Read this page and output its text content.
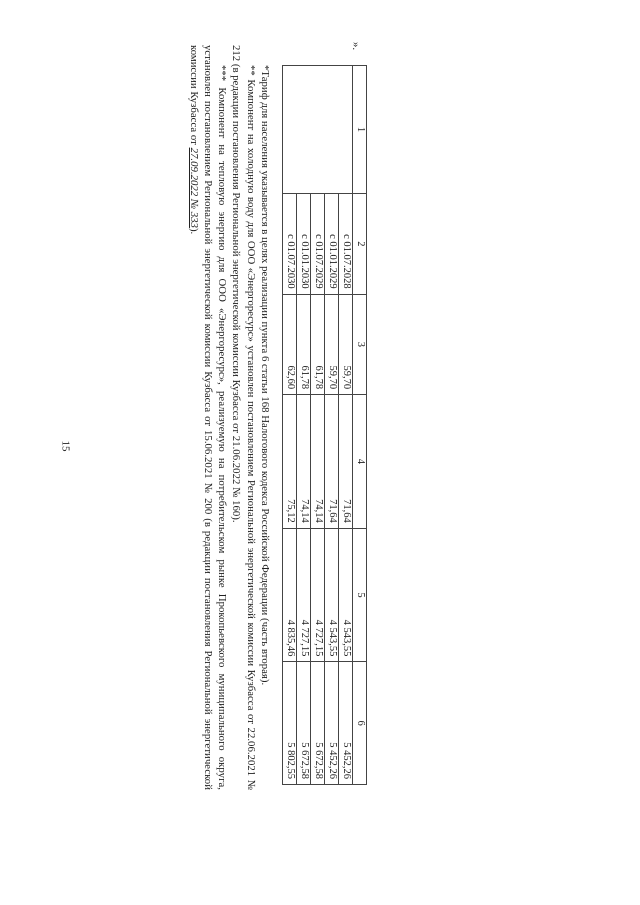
15
1	2	3	4	5	6
	с 01.07.2028	59,70	71,64	4 543,55	5 452,26
	с 01.01.2029	59,70	71,64	4 543,55	5 452,26
	с 01.07.2029	61,78	74,14	4 727,15	5 672,58
	с 01.01.2030	61,78	74,14	4 727,15	5 672,58
	с 01.07.2030	62,60	75,12	4 835,46	5 802,55

*Тариф для населения указывается в целях реализации пункта 6 статьи 168 Налогового кодекса Российской Федерации (часть вторая).

** Компонент на холодную воду для ООО «Энергоресурс» установлен постановлением Региональной энергетической комиссии Кузбасса от 22.06.2021 № 212 (в редакции постановления Региональной энергетической комиссии Кузбасса от 21.06.2022 № 160).

*** Компонент на тепловую энергию для ООО «Энергоресурс», реализуемую на потребительском рынке Прокопьевского муниципального округа, установлен постановлением Региональной энергетической комиссии Кузбасса от 15.06.2021 № 200 (в редакции постановления Региональной энергетической комиссии Кузбасса от 27.09.2022 № 333).

».
